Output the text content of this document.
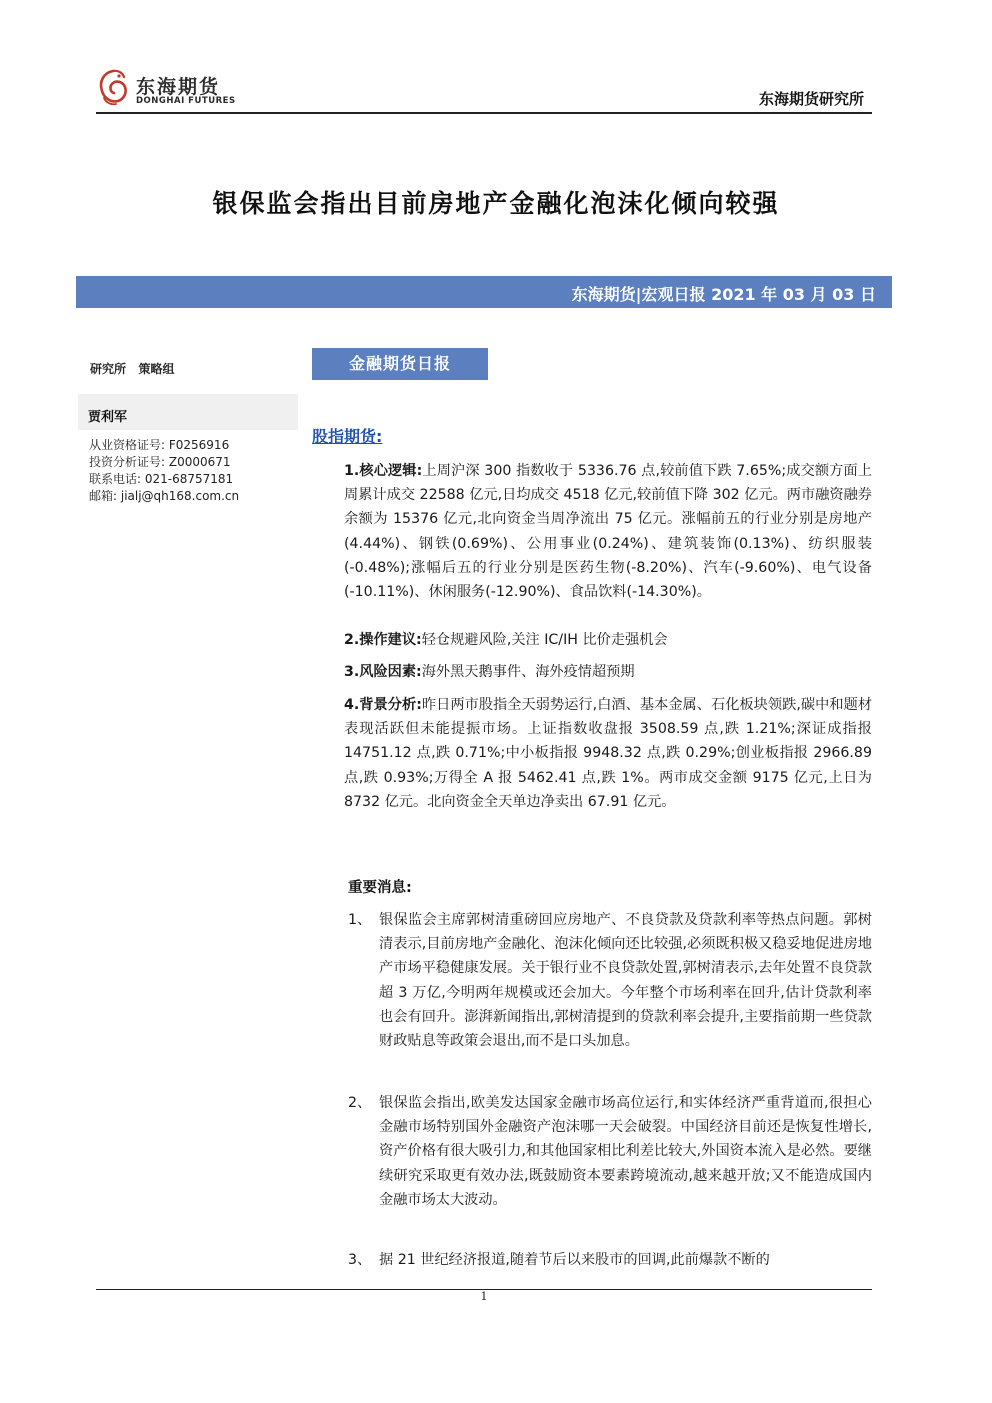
东海期货
DONGHAI FUTURES	东海期货研究所
银保监会指出目前房地产金融化泡沫化倾向较强
东海期货|宏观日报 2021 年 03 月 03 日
研究所   策略组
贾利军
从业资格证号: F0256916
投资分析证号: Z0000671
联系电话: 021-68757181
邮箱: jialj@qh168.com.cn
金融期货日报
股指期货:
1.核心逻辑:上周沪深 300 指数收于 5336.76 点,较前值下跌 7.65%;成交额方面上周累计成交 22588 亿元,日均成交 4518 亿元,较前值下降 302 亿元。两市融资融券余额为 15376 亿元,北向资金当周净流出 75 亿元。涨幅前五的行业分别是房地产(4.44%)、钢铁(0.69%)、公用事业(0.24%)、建筑装饰(0.13%)、纺织服装(-0.48%);涨幅后五的行业分别是医药生物(-8.20%)、汽车(-9.60%)、电气设备(-10.11%)、休闲服务(-12.90%)、食品饮料(-14.30%)。
2.操作建议:轻仓规避风险,关注 IC/IH 比价走强机会
3.风险因素:海外黑天鹅事件、海外疫情超预期
4.背景分析:昨日两市股指全天弱势运行,白酒、基本金属、石化板块领跌,碳中和题材表现活跃但未能提振市场。上证指数收盘报 3508.59 点,跌 1.21%;深证成指报 14751.12 点,跌 0.71%;中小板指报 9948.32 点,跌 0.29%;创业板指报 2966.89 点,跌 0.93%;万得全 A 报 5462.41 点,跌 1%。两市成交金额 9175 亿元,上日为 8732 亿元。北向资金全天单边净卖出 67.91 亿元。
重要消息:
1、 银保监会主席郭树清重磅回应房地产、不良贷款及贷款利率等热点问题。郭树清表示,目前房地产金融化、泡沫化倾向还比较强,必须既积极又稳妥地促进房地产市场平稳健康发展。关于银行业不良贷款处置,郭树清表示,去年处置不良贷款超 3 万亿,今明两年规模或还会加大。今年整个市场利率在回升,估计贷款利率也会有回升。澎湃新闻指出,郭树清提到的贷款利率会提升,主要指前期一些贷款财政贴息等政策会退出,而不是口头加息。
2、 银保监会指出,欧美发达国家金融市场高位运行,和实体经济严重背道而,很担心金融市场特别国外金融资产泡沫哪一天会破裂。中国经济目前还是恢复性增长,资产价格有很大吸引力,和其他国家相比利差比较大,外国资本流入是必然。要继续研究采取更有效办法,既鼓励资本要素跨境流动,越来越开放;又不能造成国内金融市场太大波动。
3、 据 21 世纪经济报道,随着节后以来股市的回调,此前爆款不断的
1
